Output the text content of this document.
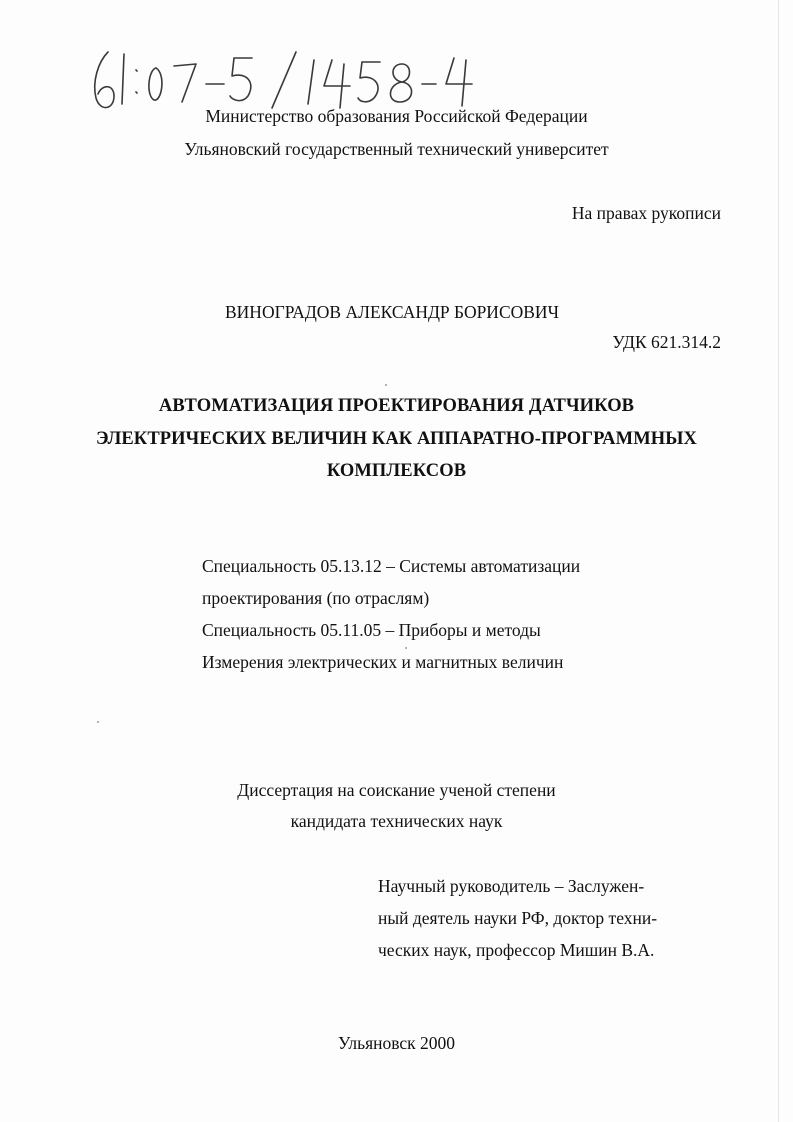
Министерство образования Российской Федерации
Ульяновский государственный технический университет
На правах рукописи
ВИНОГРАДОВ АЛЕКСАНДР БОРИСОВИЧ
УДК 621.314.2
АВТОМАТИЗАЦИЯ ПРОЕКТИРОВАНИЯ ДАТЧИКОВ
ЭЛЕКТРИЧЕСКИХ ВЕЛИЧИН КАК АППАРАТНО-ПРОГРАММНЫХ
КОМПЛЕКСОВ
Специальность 05.13.12 – Системы автоматизации
проектирования (по отраслям)
Специальность 05.11.05 – Приборы и методы
Измерения электрических и магнитных величин
Диссертация на соискание ученой степени
кандидата технических наук
Научный руководитель – Заслужен-
ный деятель науки РФ, доктор техни-
ческих наук, профессор Мишин В.А.
Ульяновск 2000
